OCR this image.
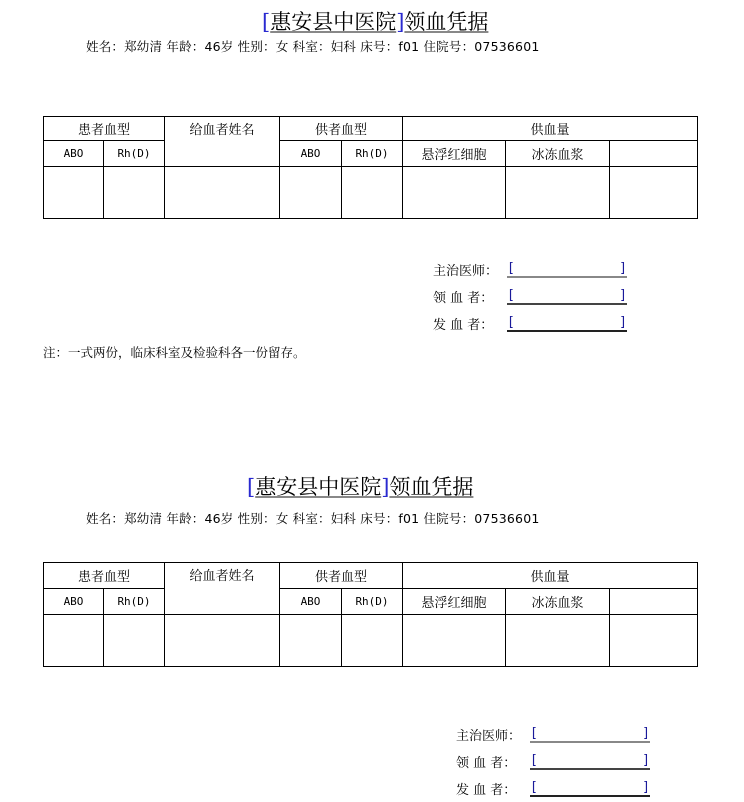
[惠安县中医院]领血凭据
姓名：郑幼清 年龄：46岁 性别：女 科室：妇科 床号：f01 住院号：07536601
患者血型		给血者姓名	供者血型		供血量		
ABO	Rh(D)		ABO	Rh(D)	悬浮红细胞	冰冻血浆	

主治医师： [	]
领 血 者：	[	]
发 血 者：	[	]
注：一式两份，临床科室及检验科各一份留存。
[惠安县中医院]领血凭据
姓名：郑幼清 年龄：46岁 性别：女 科室：妇科 床号：f01 住院号：07536601
患者血型		给血者姓名	供者血型		供血量		
ABO	Rh(D)		ABO	Rh(D)	悬浮红细胞	冰冻血浆	

主治医师： [	]
领 血 者：	[	]
发 血 者：	[	]
